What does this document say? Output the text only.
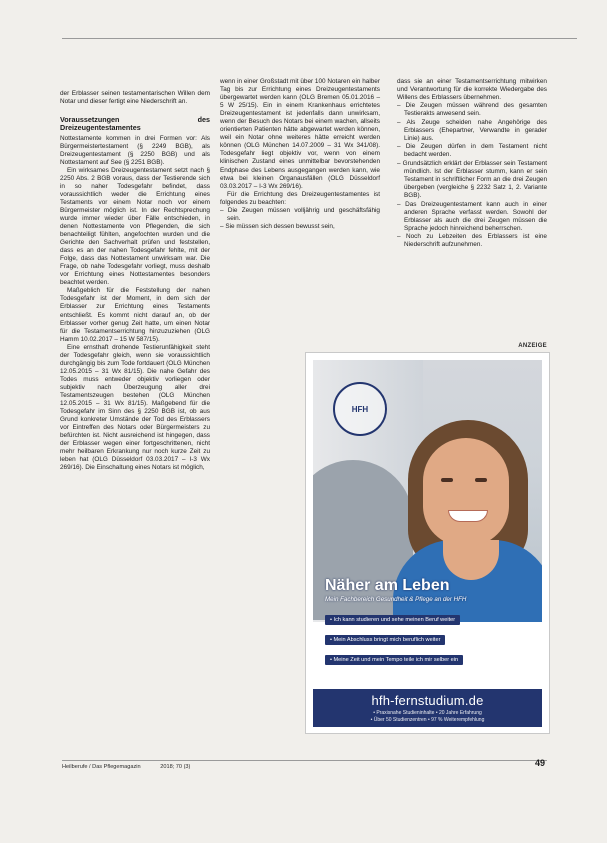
der Erblasser seinen testamentarischen Willen dem Notar und dieser fertigt eine Niederschrift an.

Voraussetzungen des Dreizeugentestamentes

Nottestamente kommen in drei Formen vor: Als Bürgermeistertestament (§ 2249 BGB), als Dreizeugentestament (§ 2250 BGB) und als Nottestament auf See (§ 2251 BGB).

Ein wirksames Dreizeugentestament setzt nach § 2250 Abs. 2 BGB voraus, dass der Testierende sich in so naher Todesgefahr befindet, dass voraussichtlich weder die Errichtung eines Testaments vor einem Notar noch vor einem Bürgermeister möglich ist. In der Rechtsprechung wurde immer wieder über Fälle entschieden, in denen Nottestamente von Pflegenden, die sich benachteiligt fühlten, angefochten wurden und die Gerichte den Sachverhalt prüfen und feststellen, dass es an der nahen Todesgefahr fehlte, mit der Folge, dass das Nottestament unwirksam war. Die Frage, ob nahe Todesgefahr vorliegt, muss deshalb vor Errichtung eines Nottestamentes besonders beachtet werden.

Maßgeblich für die Feststellung der nahen Todesgefahr ist der Moment, in dem sich der Erblasser zur Errichtung eines Testaments entschließt. Es kommt nicht darauf an, ob der Erblasser vorher genug Zeit hatte, um einen Notar für die Testamentserrichtung hinzuzuziehen (OLG Hamm 10.02.2017 – 15 W 587/15).

Eine ernsthaft drohende Testierunfähigkeit steht der Todesgefahr gleich, wenn sie voraussichtlich durchgängig bis zum Tode fortdauert (OLG München 12.05.2015 – 31 Wx 81/15). Die nahe Gefahr des Todes muss entweder objektiv vorliegen oder subjektiv nach Überzeugung aller drei Testamentszeugen bestehen (OLG München 12.05.2015 – 31 Wx 81/15). Maßgebend für die Todesgefahr im Sinn des § 2250 BGB ist, ob aus Grund konkreter Umstände der Tod des Erblassers vor Eintreffen des Notars oder Bürgermeisters zu befürchten ist. Nicht ausreichend ist hingegen, dass der Erblasser wegen einer fortgeschrittenen, nicht mehr heilbaren Erkrankung nur noch kurze Zeit zu leben hat (OLG Düsseldorf 03.03.2017 – I-3 Wx 269/16). Die Einschaltung eines Notars ist möglich,

wenn in einer Großstadt mit über 100 Notaren ein halber Tag bis zur Errichtung eines Dreizeugentestaments übergewartet werden kann (OLG Bremen 05.01.2016 – 5 W 25/15). Ein in einem Krankenhaus errichtetes Dreizeugentestament ist jedenfalls dann unwirksam, wenn der Besuch des Notars bei einem wachen, allseits orientierten Patienten hätte abgewartet werden können, weil ein Notar ohne weiteres hätte erreicht werden können (OLG München 14.07.2009 – 31 Wx 341/08). Todesgefahr liegt objektiv vor, wenn von einem klinischen Zustand eines unmittelbar bevorstehenden Endphase des Lebens ausgegangen werden kann, wie etwa bei kleinen Organausfällen (OLG Düsseldorf 03.03.2017 – I-3 Wx 269/16).

Für die Errichtung des Dreizeugentestamentes ist folgendes zu beachten:

– Die Zeugen müssen volljährig und geschäftsfähig sein.
– Sie müssen sich dessen bewusst sein,

dass sie an einer Testamentserrichtung mitwirken und Verantwortung für die korrekte Wiedergabe des Willens des Erblassers übernehmen.

– Die Zeugen müssen während des gesamten Testierakts anwesend sein.
– Als Zeuge scheiden nahe Angehörige des Erblassers (Ehepartner, Verwandte in gerader Linie) aus.
– Die Zeugen dürfen in dem Testament nicht bedacht werden.
– Grundsätzlich erklärt der Erblasser sein Testament mündlich. Ist der Erblasser stumm, kann er sein Testament in schriftlicher Form an die drei Zeugen übergeben (vergleiche § 2232 Satz 1, 2. Variante BGB).
– Das Dreizeugentestament kann auch in einer anderen Sprache verfasst werden. Sowohl der Erblasser als auch die drei Zeugen müssen die Sprache jedoch hinreichend beherrschen.
– Noch zu Lebzeiten des Erblassers ist eine Niederschrift aufzunehmen.
ANZEIGE
HFH
Näher am Leben
Mein Fachbereich Gesundheit & Pflege an der HFH
• Ich kann studieren und sehe meinen Beruf weiter
• Mein Abschluss bringt mich beruflich weiter
• Meine Zeit und mein Tempo teile ich mir selber ein
hfh-fernstudium.de
• Praxisnahe Studieninhalte • 20 Jahre Erfahrung
• Über 50 Studienzentren • 97 % Weiterempfehlung
Heilberufe / Das Pflegemagazin	2018; 70 (3)	49
